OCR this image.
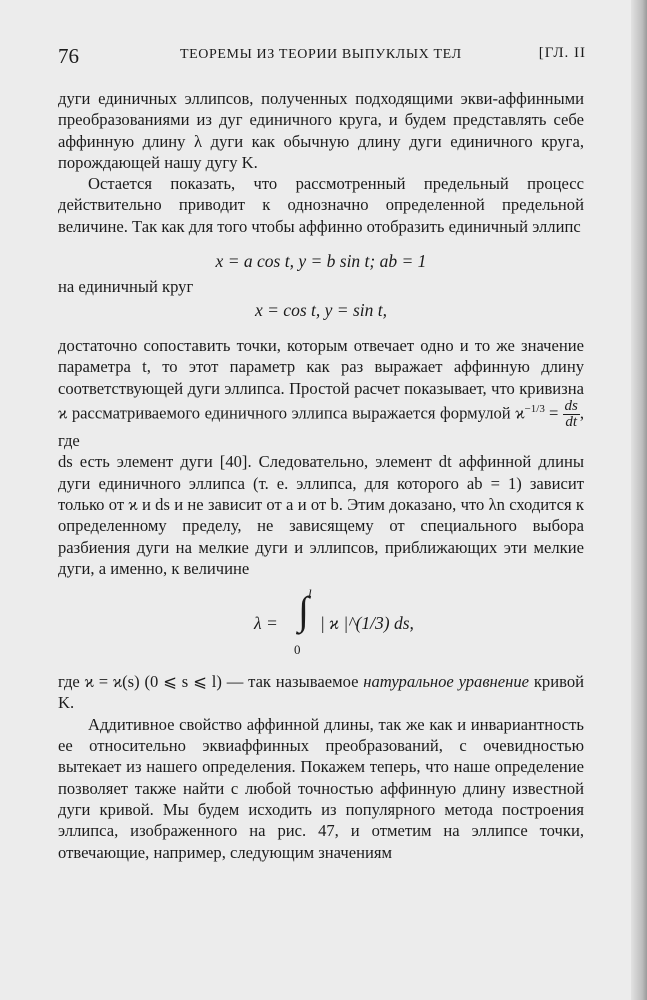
76	ТЕОРЕМЫ ИЗ ТЕОРИИ ВЫПУКЛЫХ ТЕЛ	[ГЛ. II

дуги единичных эллипсов, полученных подходящими экви-аффинными преобразованиями из дуг единичного круга, и будем представлять себе аффинную длину λ дуги как обычную длину дуги единичного круга, порождающей нашу дугу K.

Остается показать, что рассмотренный предельный процесс действительно приводит к однозначно определенной предельной величине. Так как для того чтобы аффинно отобразить единичный эллипс

x = a cos t, y = b sin t; ab = 1

на единичный круг

x = cos t, y = sin t,

достаточно сопоставить точки, которым отвечает одно и то же значение параметра t, то этот параметр как раз выражает аффинную длину соответствующей дуги эллипса. Простой расчет показывает, что кривизна ϰ рассматриваемого единичного эллипса выражается формулой $ϰ^{-1/3} = \frac{ds}{dt}$ , где

ds есть элемент дуги [40]. Следовательно, элемент dt аффинной длины дуги единичного эллипса (т. е. эллипса, для которого ab = 1) зависит только от ϰ и ds и не зависит от a и от b. Этим доказано, что λn сходится к определенному пределу, не зависящему от специального выбора разбиения дуги на мелкие дуги и эллипсов, приближающих эти мелкие дуги, а именно, к величине

λ =
l
∫
0
| ϰ |^(1/3) ds,

где ϰ = ϰ(s) (0 ⩽ s ⩽ l) — так называемое натуральное уравнение кривой K.

Аддитивное свойство аффинной длины, так же как и инвариантность ее относительно эквиаффинных преобразований, с очевидностью вытекает из нашего определения. Покажем теперь, что наше определение позволяет также найти с любой точностью аффинную длину известной дуги кривой. Мы будем исходить из популярного метода построения эллипса, изображенного на рис. 47, и отметим на эллипсе точки, отвечающие, например, следующим значениям
